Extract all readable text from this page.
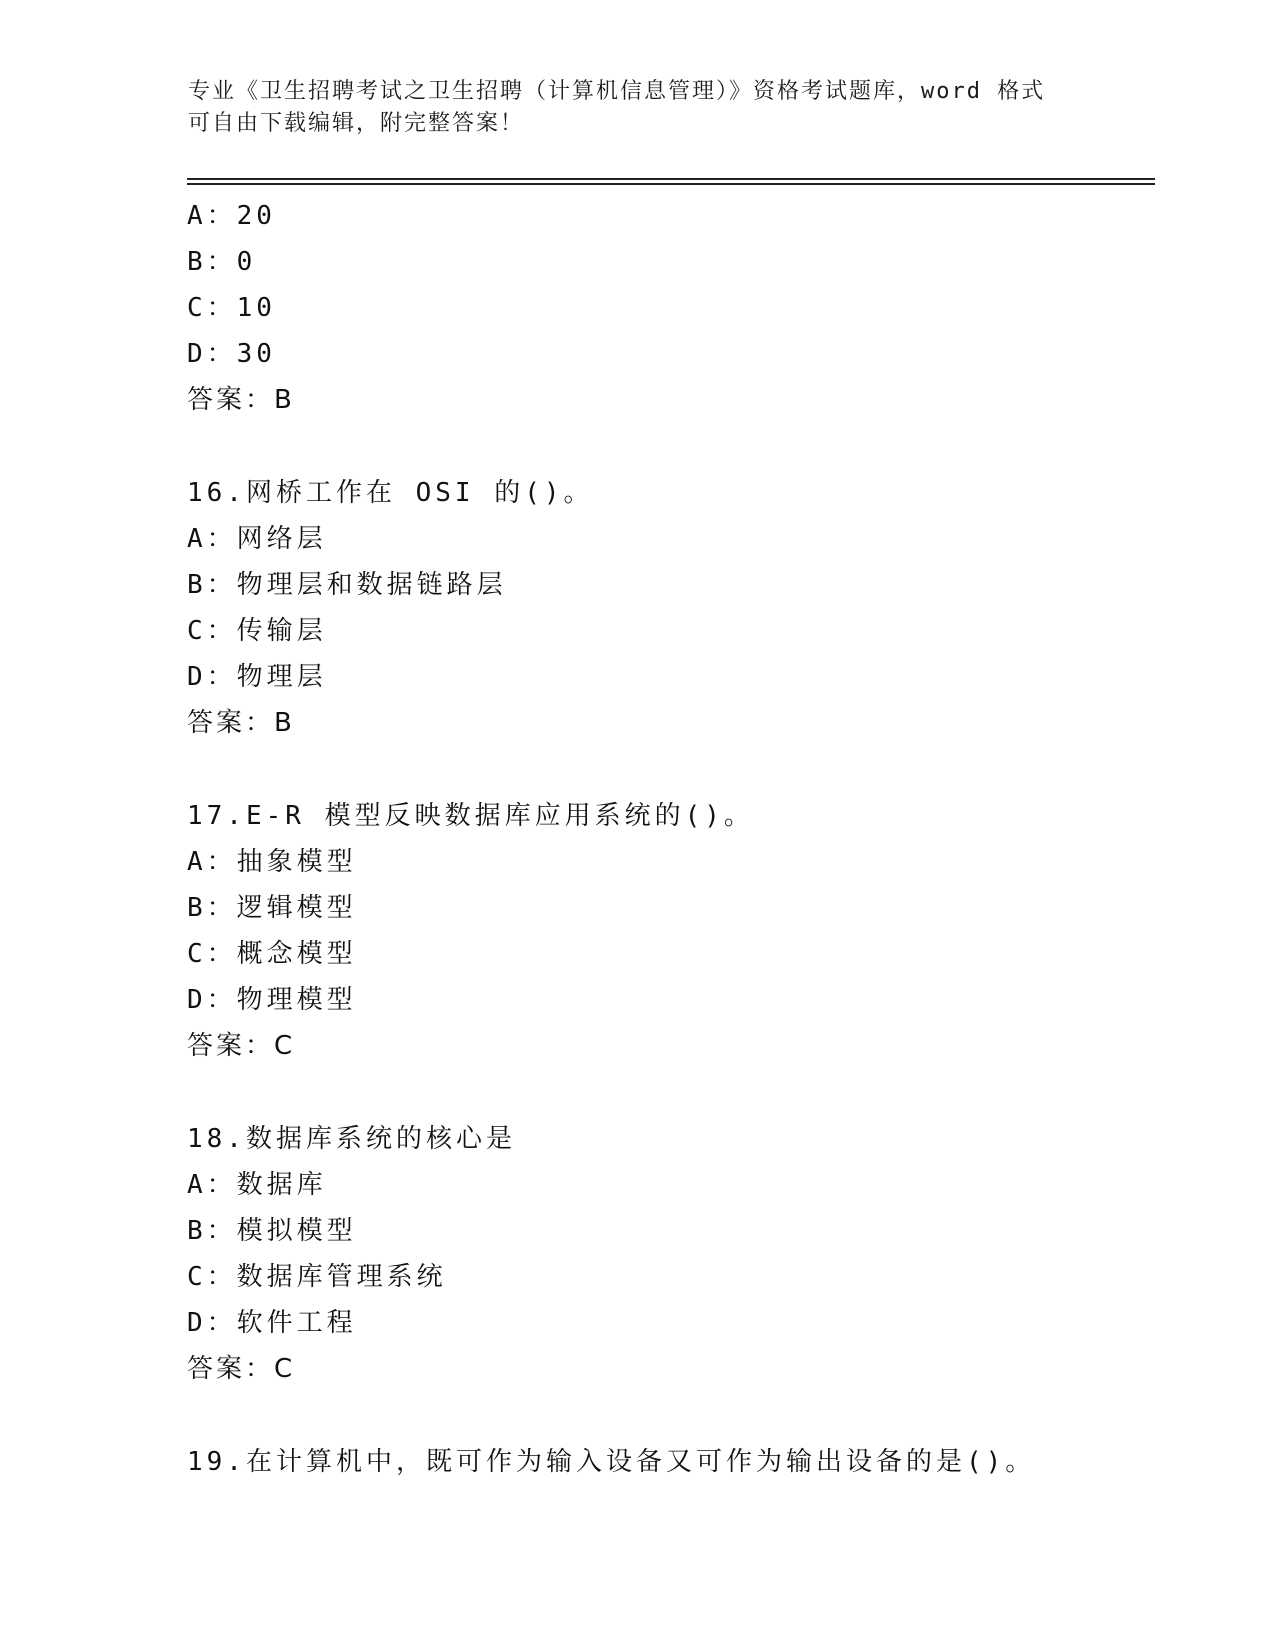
专业《卫生招聘考试之卫生招聘（计算机信息管理）》资格考试题库，word 格式
可自由下载编辑，附完整答案！
A：20
B：0
C：10
D：30
答案：B
16.网桥工作在 OSI 的()。
A：网络层
B：物理层和数据链路层
C：传输层
D：物理层
答案：B
17.E-R 模型反映数据库应用系统的()。
A：抽象模型
B：逻辑模型
C：概念模型
D：物理模型
答案：C
18.数据库系统的核心是
A：数据库
B：模拟模型
C：数据库管理系统
D：软件工程
答案：C
19.在计算机中，既可作为输入设备又可作为输出设备的是()。
